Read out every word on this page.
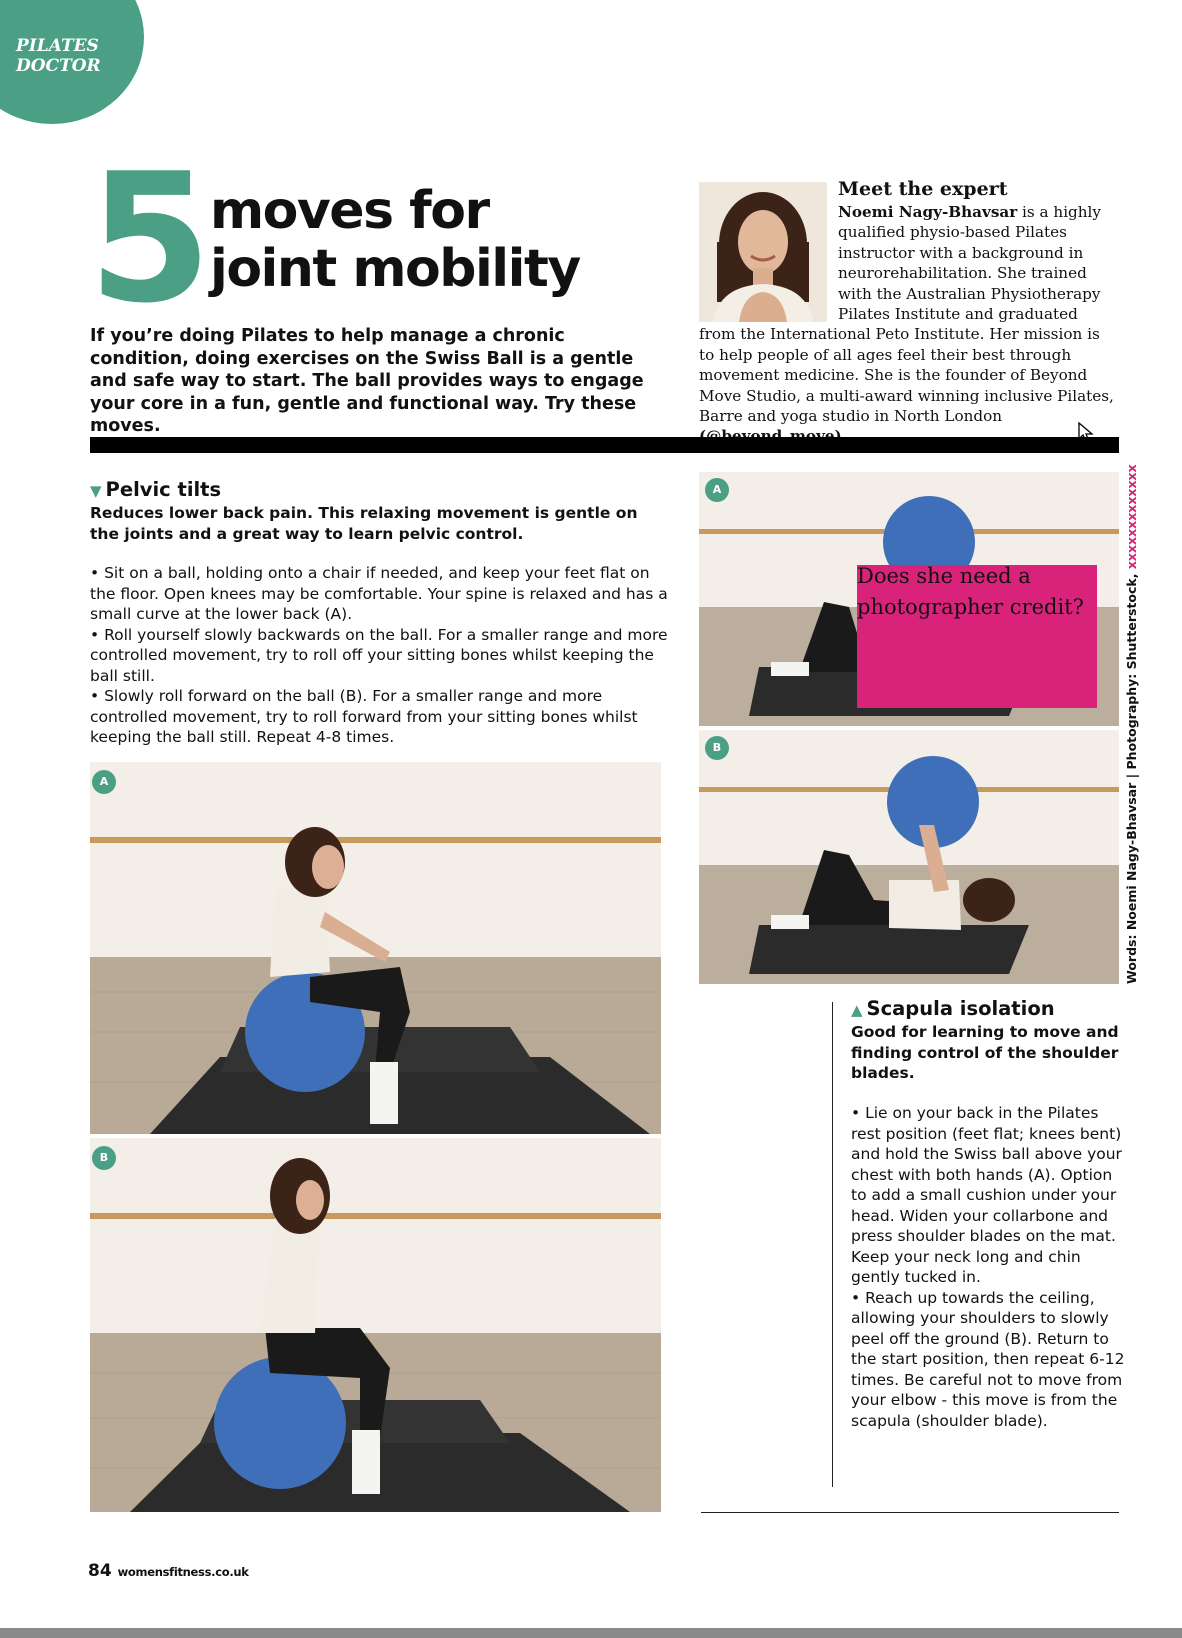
PILATES
DOCTOR
5 moves for
joint mobility
If you’re doing Pilates to help manage a chronic condition, doing exercises on the Swiss Ball is a gentle and safe way to start. The ball provides ways to engage your core in a fun, gentle and functional way. Try these moves.
Meet the expert
Noemi Nagy-Bhavsar is a highly qualified physio-based Pilates instructor with a background in neurorehabilitation. She trained with the Australian Physiotherapy Pilates Institute and graduated from the International Peto Institute. Her mission is to help people of all ages feel their best through movement medicine. She is the founder of Beyond Move Studio, a multi-award winning inclusive Pilates, Barre and yoga studio in North London
▼ Pelvic tilts
Reduces lower back pain. This relaxing movement is gentle on the joints and a great way to learn pelvic control.

• Sit on a ball, holding onto a chair if needed, and keep your feet flat on the floor. Open knees may be comfortable. Your spine is relaxed and has a small curve at the lower back (A).

• Roll yourself slowly backwards on the ball. For a smaller range and more controlled movement, try to roll off your sitting bones whilst keeping the ball still.

• Slowly roll forward on the ball (B). For a smaller range and more controlled movement, try to roll forward from your sitting bones whilst keeping the ball still. Repeat 4-8 times.

A
B
A
Does she need a photographer credit?
B	Words: Noemi Nagy-Bhavsar | Photography: Shutterstock, xxxxxxxxxxxxx
▲ Scapula isolation
Good for learning to move and finding control of the shoulder blades.

• Lie on your back in the Pilates rest position (feet flat; knees bent) and hold the Swiss ball above your chest with both hands (A). Option to add a small cushion under your head. Widen your collarbone and press shoulder blades on the mat. Keep your neck long and chin gently tucked in.

• Reach up towards the ceiling, allowing your shoulders to slowly peel off the ground (B). Return to the start position, then repeat 6-12 times. Be careful not to move from your elbow - this move is from the scapula (shoulder blade).

84 womensfitness.co.uk
